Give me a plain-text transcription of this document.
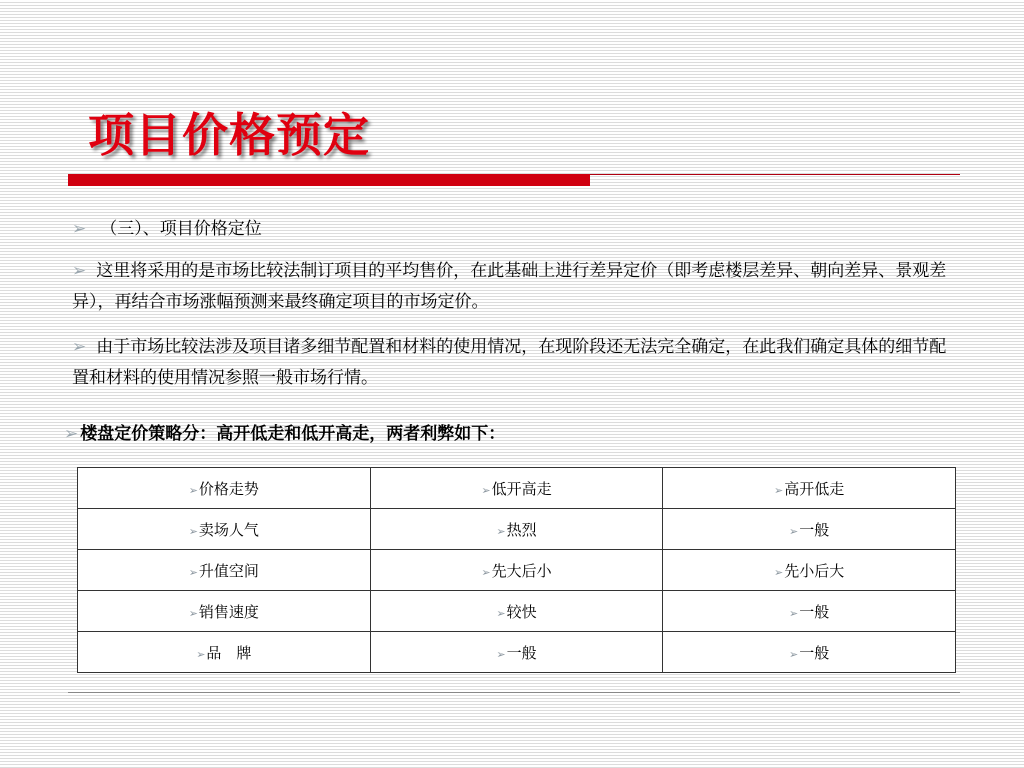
项目价格预定
➢ （三）、项目价格定位
➢ 这里将采用的是市场比较法制订项目的平均售价，在此基础上进行差异定价（即考虑楼层差异、朝向差异、景观差异），再结合市场涨幅预测来最终确定项目的市场定价。
➢ 由于市场比较法涉及项目诸多细节配置和材料的使用情况，在现阶段还无法完全确定，在此我们确定具体的细节配置和材料的使用情况参照一般市场行情。
➢ 楼盘定价策略分：高开低走和低开高走，两者利弊如下：
➢价格走势	➢低开高走	➢高开低走
➢卖场人气	➢热烈	➢一般
➢升值空间	➢先大后小	➢先小后大
➢销售速度	➢较快	➢一般
➢品　牌	➢一般	➢一般
